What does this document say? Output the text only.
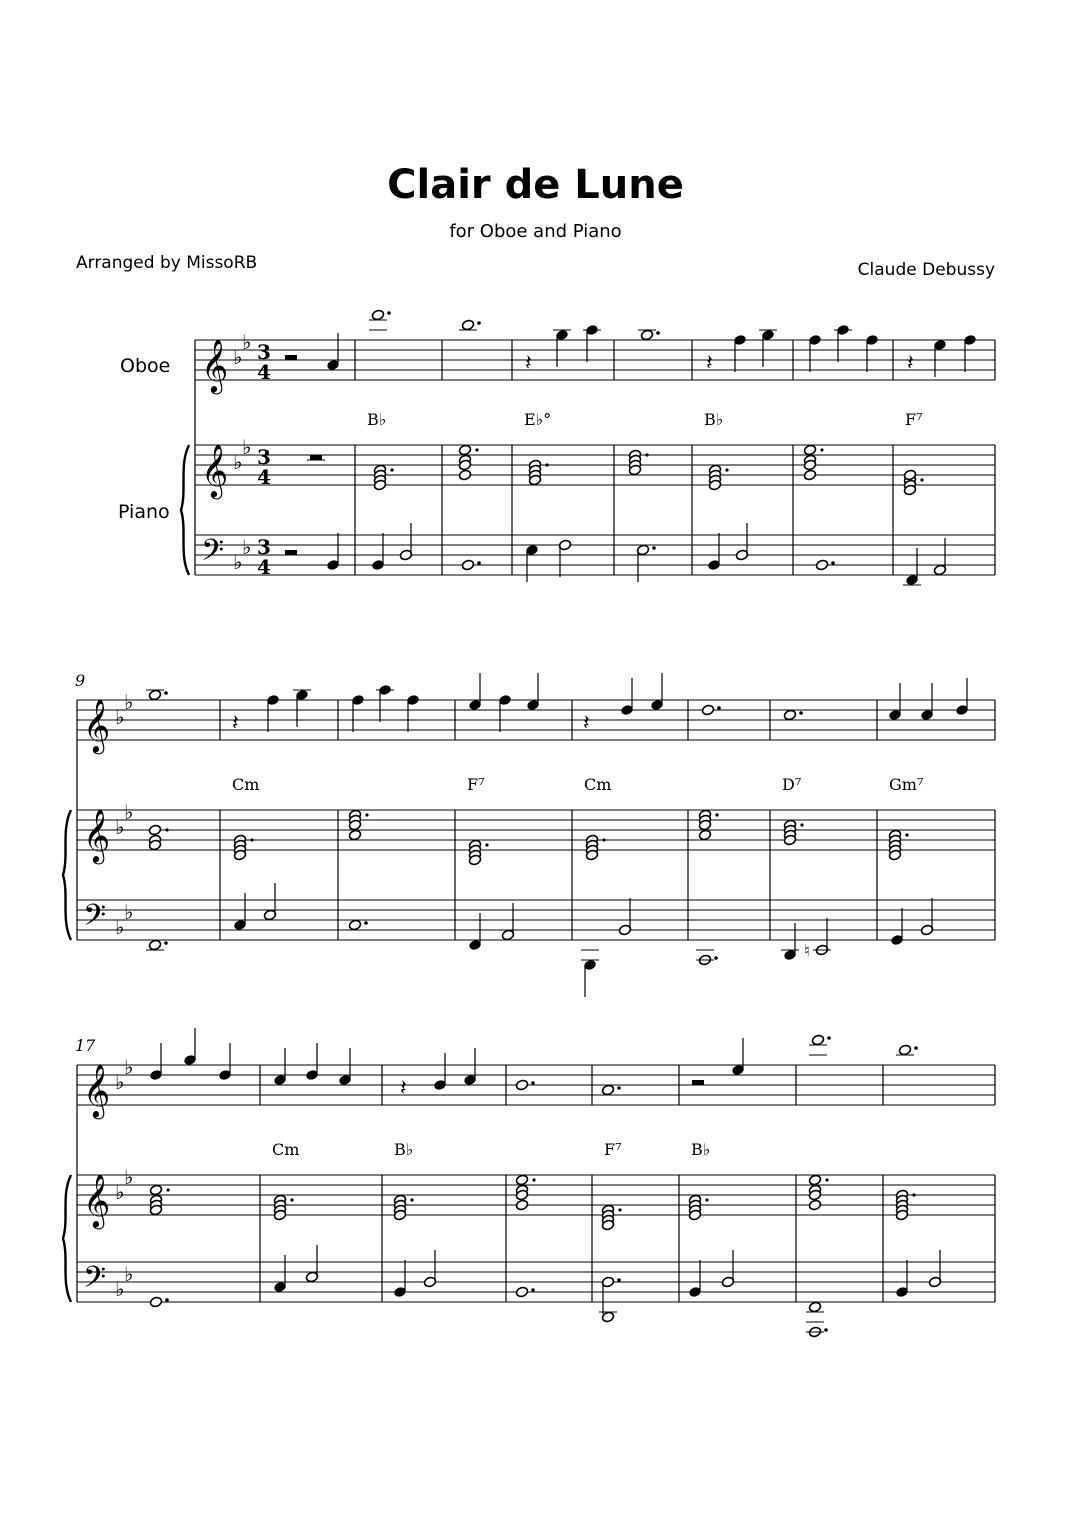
Clair de Lune
for Oboe and Piano
Arranged by MissoRB	Claude Debussy
𝄞
𝄞
𝄢
♭
♭
♭
♭
♭
♭
3
4
3
4
3
4
B♭	E♭°	B♭	F⁷
𝄞
𝄞
𝄢
♭
♭
♭
♭
♭
♭
9
Cm	F⁷	Cm	D⁷	Gm⁷
𝄞
𝄞
𝄢
♭
♭
♭
♭
♭
♭
17
Cm	B♭	F⁷	B♭
Oboe
Piano
𝄽	𝄽	𝄽
𝄽	𝄽
♮
𝄽
